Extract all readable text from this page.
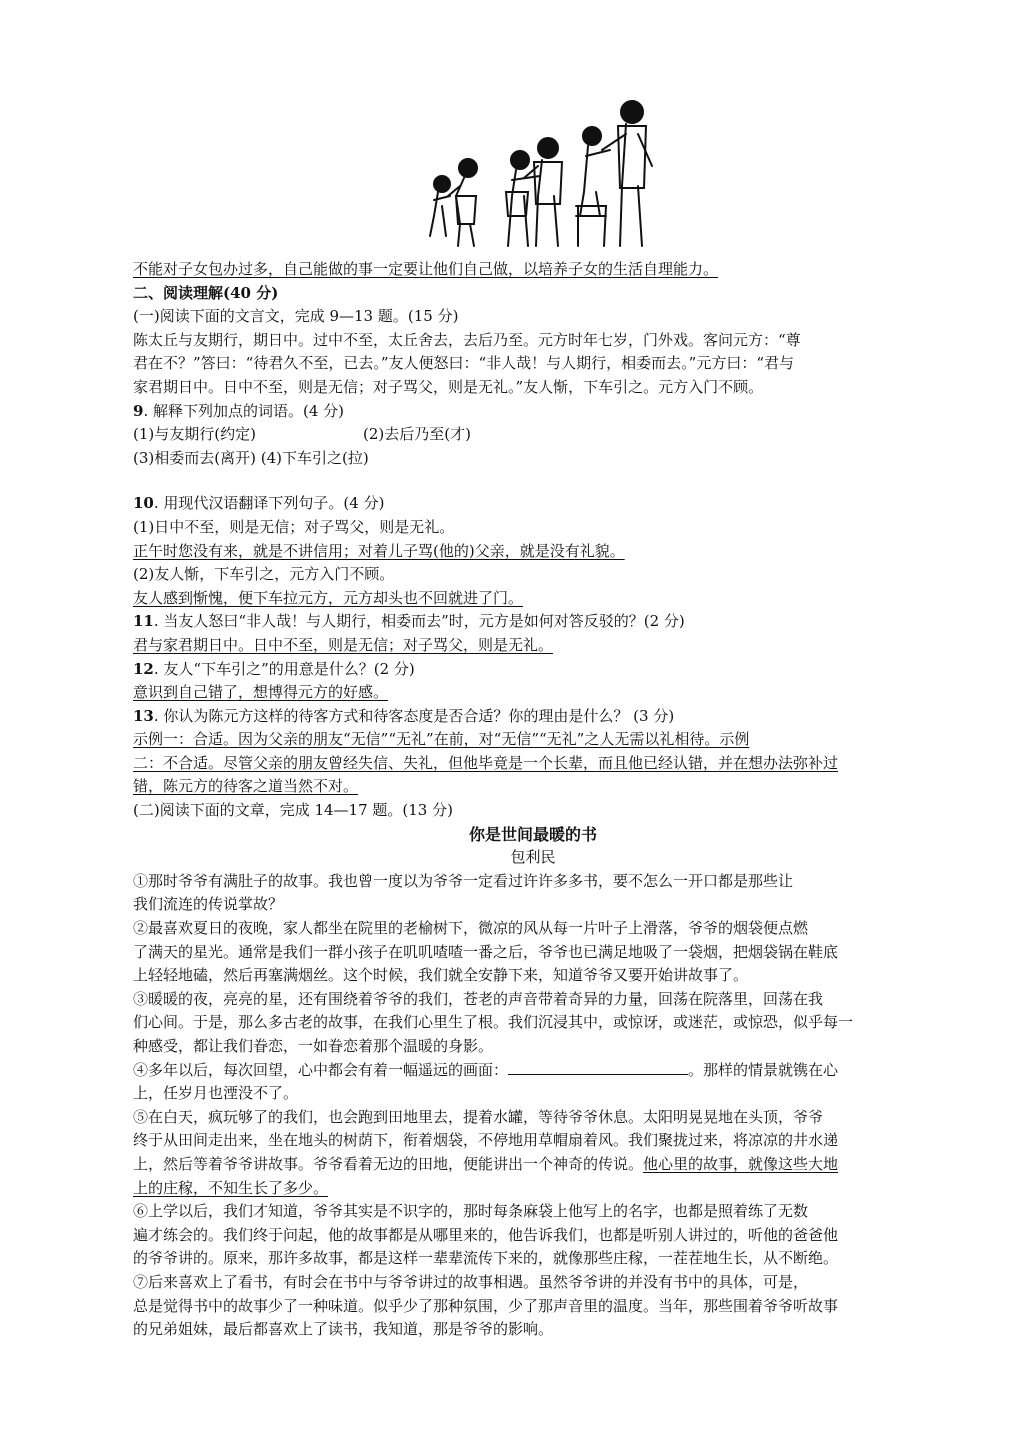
不能对子女包办过多，自己能做的事一定要让他们自己做，以培养子女的生活自理能力。
二、阅读理解(40 分)
(一)阅读下面的文言文，完成 9—13 题。(15 分)
陈太丘与友期行，期日中。过中不至，太丘舍去，去后乃至。元方时年七岁，门外戏。客问元方：“尊
君在不？”答曰：“待君久不至，已去。”友人便怒曰：“非人哉！与人期行，相委而去。”元方曰：“君与
家君期日中。日中不至，则是无信；对子骂父，则是无礼。”友人惭，下车引之。元方入门不顾。
9. 解释下列加点的词语。(4 分)
(1)与友期行(约定)	(2)去后乃至(才)
(3)相委而去(离开) (4)下车引之(拉)
10. 用现代汉语翻译下列句子。(4 分)
(1)日中不至，则是无信；对子骂父，则是无礼。
正午时您没有来，就是不讲信用；对着儿子骂(他的)父亲，就是没有礼貌。
(2)友人惭，下车引之，元方入门不顾。
友人感到惭愧，便下车拉元方，元方却头也不回就进了门。
11. 当友人怒曰“非人哉！与人期行，相委而去”时，元方是如何对答反驳的？(2 分)
君与家君期日中。日中不至，则是无信；对子骂父，则是无礼。
12. 友人“下车引之”的用意是什么？(2 分)
意识到自己错了，想博得元方的好感。
13. 你认为陈元方这样的待客方式和待客态度是否合适？你的理由是什么？ (3 分)
示例一：合适。因为父亲的朋友“无信”“无礼”在前，对“无信”“无礼”之人无需以礼相待。示例
二：不合适。尽管父亲的朋友曾经失信、失礼，但他毕竟是一个长辈，而且他已经认错，并在想办法弥补过
错，陈元方的待客之道当然不对。
(二)阅读下面的文章，完成 14—17 题。(13 分)
你是世间最暖的书
包利民
①那时爷爷有满肚子的故事。我也曾一度以为爷爷一定看过许许多多书，要不怎么一开口都是那些让
我们流连的传说掌故？
②最喜欢夏日的夜晚，家人都坐在院里的老榆树下，微凉的风从每一片叶子上滑落，爷爷的烟袋便点燃
了满天的星光。通常是我们一群小孩子在叽叽喳喳一番之后，爷爷也已满足地吸了一袋烟，把烟袋锅在鞋底
上轻轻地磕，然后再塞满烟丝。这个时候，我们就全安静下来，知道爷爷又要开始讲故事了。
③暖暖的夜，亮亮的星，还有围绕着爷爷的我们，苍老的声音带着奇异的力量，回荡在院落里，回荡在我
们心间。于是，那么多古老的故事，在我们心里生了根。我们沉浸其中，或惊讶，或迷茫，或惊恐，似乎每一
种感受，都让我们眷恋，一如眷恋着那个温暖的身影。
④多年以后，每次回望，心中都会有着一幅遥远的画面：	。那样的情景就镌在心
上，任岁月也湮没不了。
⑤在白天，疯玩够了的我们，也会跑到田地里去，提着水罐，等待爷爷休息。太阳明晃晃地在头顶，爷爷
终于从田间走出来，坐在地头的树荫下，衔着烟袋，不停地用草帽扇着风。我们聚拢过来，将凉凉的井水递
上，然后等着爷爷讲故事。爷爷看着无边的田地，便能讲出一个神奇的传说。他心里的故事，就像这些大地
上的庄稼，不知生长了多少。
⑥上学以后，我们才知道，爷爷其实是不识字的，那时每条麻袋上他写上的名字，也都是照着练了无数
遍才练会的。我们终于问起，他的故事都是从哪里来的，他告诉我们，也都是听别人讲过的，听他的爸爸他
的爷爷讲的。原来，那许多故事，都是这样一辈辈流传下来的，就像那些庄稼，一茬茬地生长，从不断绝。
⑦后来喜欢上了看书，有时会在书中与爷爷讲过的故事相遇。虽然爷爷讲的并没有书中的具体，可是，
总是觉得书中的故事少了一种味道。似乎少了那种氛围，少了那声音里的温度。当年，那些围着爷爷听故事
的兄弟姐妹，最后都喜欢上了读书，我知道，那是爷爷的影响。
